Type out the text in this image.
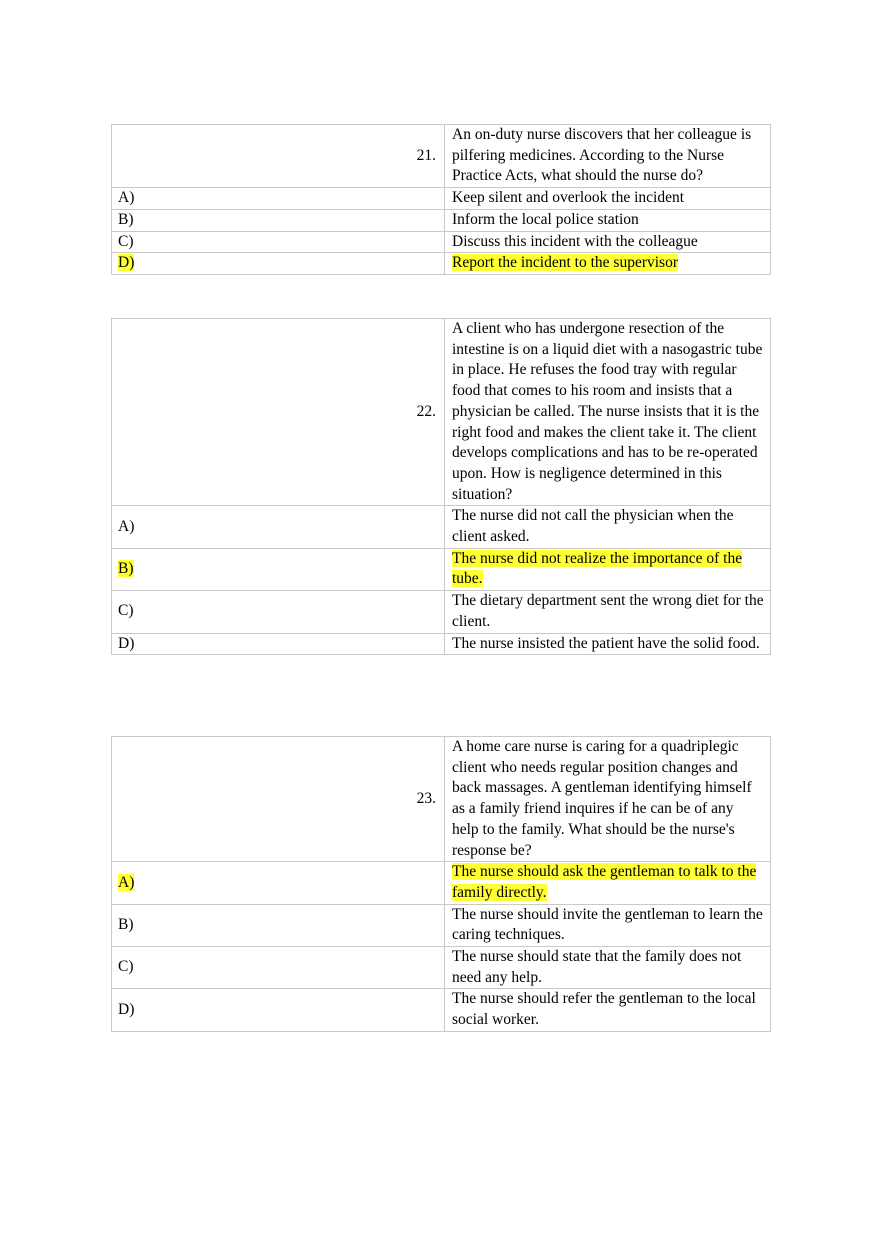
21.	An on-duty nurse discovers that her colleague is pilfering medicines. According to the Nurse Practice Acts, what should the nurse do?
A)	Keep silent and overlook the incident
B)	Inform the local police station
C)	Discuss this incident with the colleague
D)	Report the incident to the supervisor
22.	A client who has undergone resection of the intestine is on a liquid diet with a nasogastric tube in place. He refuses the food tray with regular food that comes to his room and insists that a physician be called. The nurse insists that it is the right food and makes the client take it. The client develops complications and has to be re-operated upon. How is negligence determined in this situation?
A)	The nurse did not call the physician when the client asked.
B)	The nurse did not realize the importance of the tube.
C)	The dietary department sent the wrong diet for the client.
D)	The nurse insisted the patient have the solid food.
23.	A home care nurse is caring for a quadriplegic client who needs regular position changes and back massages. A gentleman identifying himself as a family friend inquires if he can be of any help to the family. What should be the nurse's response be?
A)	The nurse should ask the gentleman to talk to the family directly.
B)	The nurse should invite the gentleman to learn the caring techniques.
C)	The nurse should state that the family does not need any help.
D)	The nurse should refer the gentleman to the local social worker.
